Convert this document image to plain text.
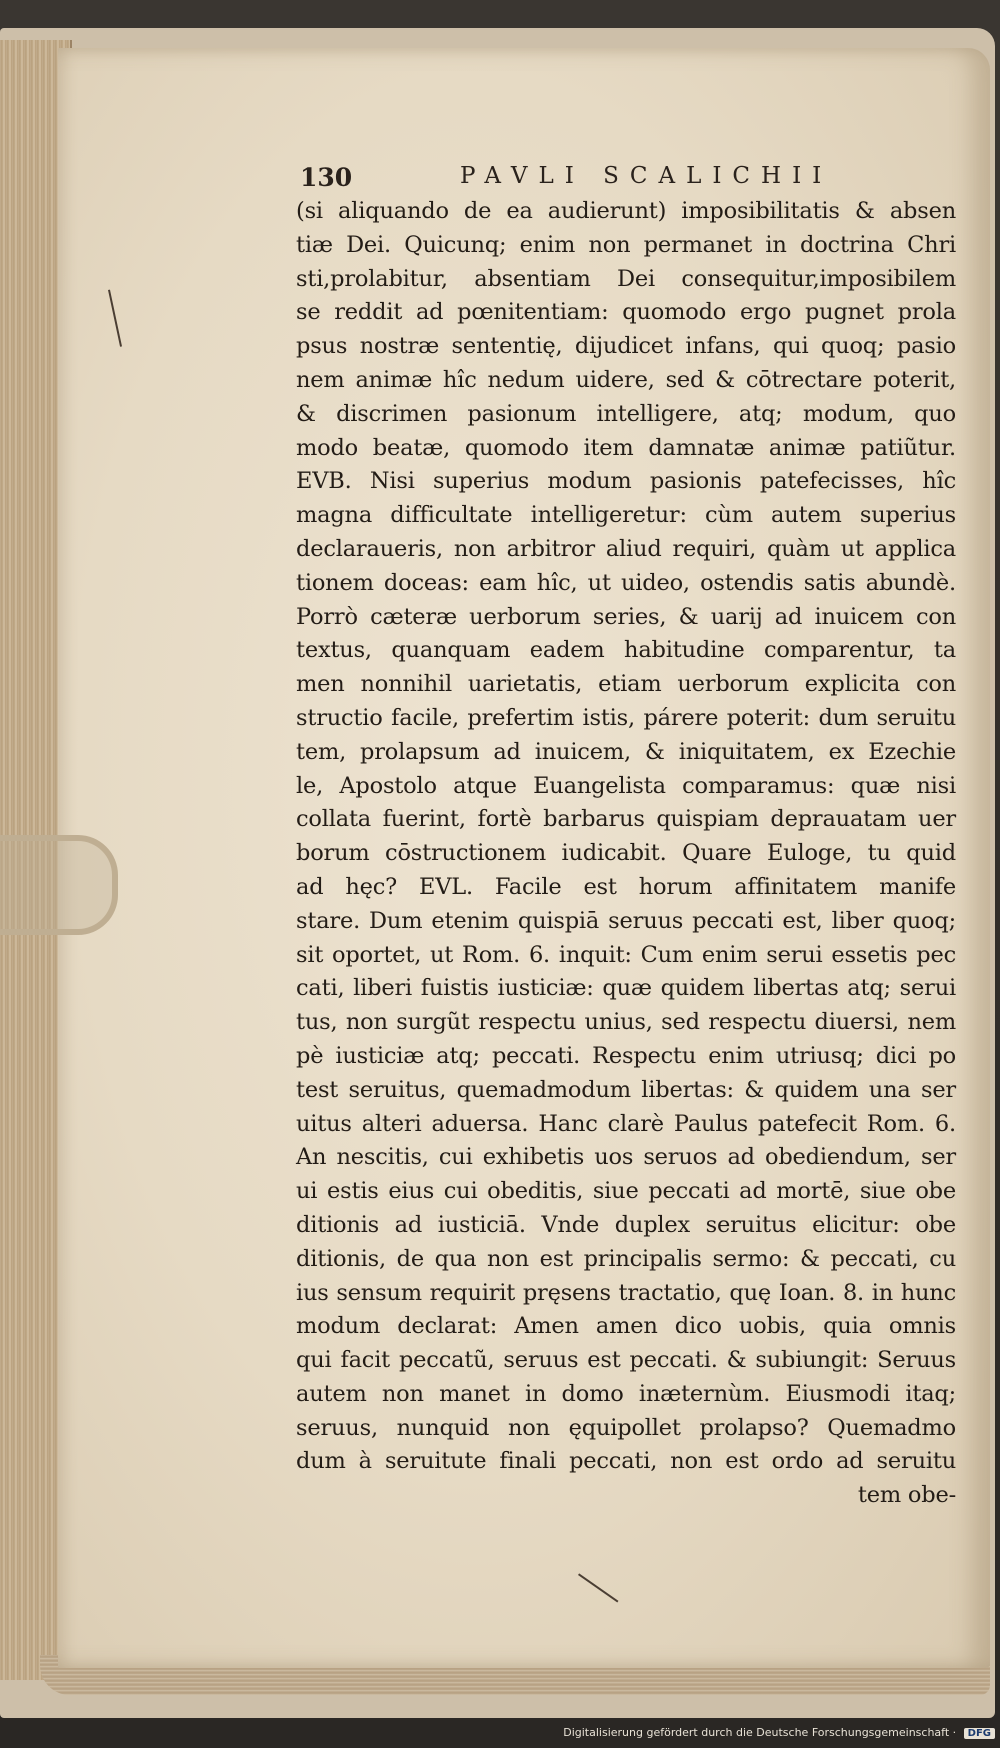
130	PAVLI SCALICHII
(si aliquando de ea audierunt) imposibilitatis & absen
tiæ Dei. Quicunq; enim non permanet in doctrina Chri
sti,prolabitur, absentiam Dei consequitur,imposibilem
se reddit ad pœnitentiam: quomodo ergo pugnet prola
psus nostræ sententię, dijudicet infans, qui quoq; pasio
nem animæ hîc nedum uidere, sed & cōtrectare poterit,
& discrimen pasionum intelligere, atq; modum, quo
modo beatæ, quomodo item damnatæ animæ patiũtur.
EVB. Nisi superius modum pasionis patefecisses, hîc
magna difficultate intelligeretur: cùm autem superius
declaraueris, non arbitror aliud requiri, quàm ut applica
tionem doceas: eam hîc, ut uideo, ostendis satis abundè.
Porrò cæteræ uerborum series, & uarij ad inuicem con
textus, quanquam eadem habitudine comparentur, ta
men nonnihil uarietatis, etiam uerborum explicita con
structio facile, prefertim istis, párere poterit: dum seruitu
tem, prolapsum ad inuicem, & iniquitatem, ex Ezechie
le, Apostolo atque Euangelista comparamus: quæ nisi
collata fuerint, fortè barbarus quispiam deprauatam uer
borum cōstructionem iudicabit. Quare Euloge, tu quid
ad hęc? EVL. Facile est horum affinitatem manife
stare. Dum etenim quispiā seruus peccati est, liber quoq;
sit oportet, ut Rom. 6. inquit: Cum enim serui essetis pec
cati, liberi fuistis iusticiæ: quæ quidem libertas atq; serui
tus, non surgũt respectu unius, sed respectu diuersi, nem
pè iusticiæ atq; peccati. Respectu enim utriusq; dici po
test seruitus, quemadmodum libertas: & quidem una ser
uitus alteri aduersa. Hanc clarè Paulus patefecit Rom. 6.
An nescitis, cui exhibetis uos seruos ad obediendum, ser
ui estis eius cui obeditis, siue peccati ad mortē, siue obe
ditionis ad iusticiā. Vnde duplex seruitus elicitur: obe
ditionis, de qua non est principalis sermo: & peccati, cu
ius sensum requirit pręsens tractatio, quę Ioan. 8. in hunc
modum declarat: Amen amen dico uobis, quia omnis
qui facit peccatũ, seruus est peccati. & subiungit: Seruus
autem non manet in domo inæternùm. Eiusmodi itaq;
seruus, nunquid non ęquipollet prolapso? Quemadmo
dum à seruitute finali peccati, non est ordo ad seruitu
tem obe-
Digitalisierung gefördert durch die Deutsche Forschungsgemeinschaft · DFG
